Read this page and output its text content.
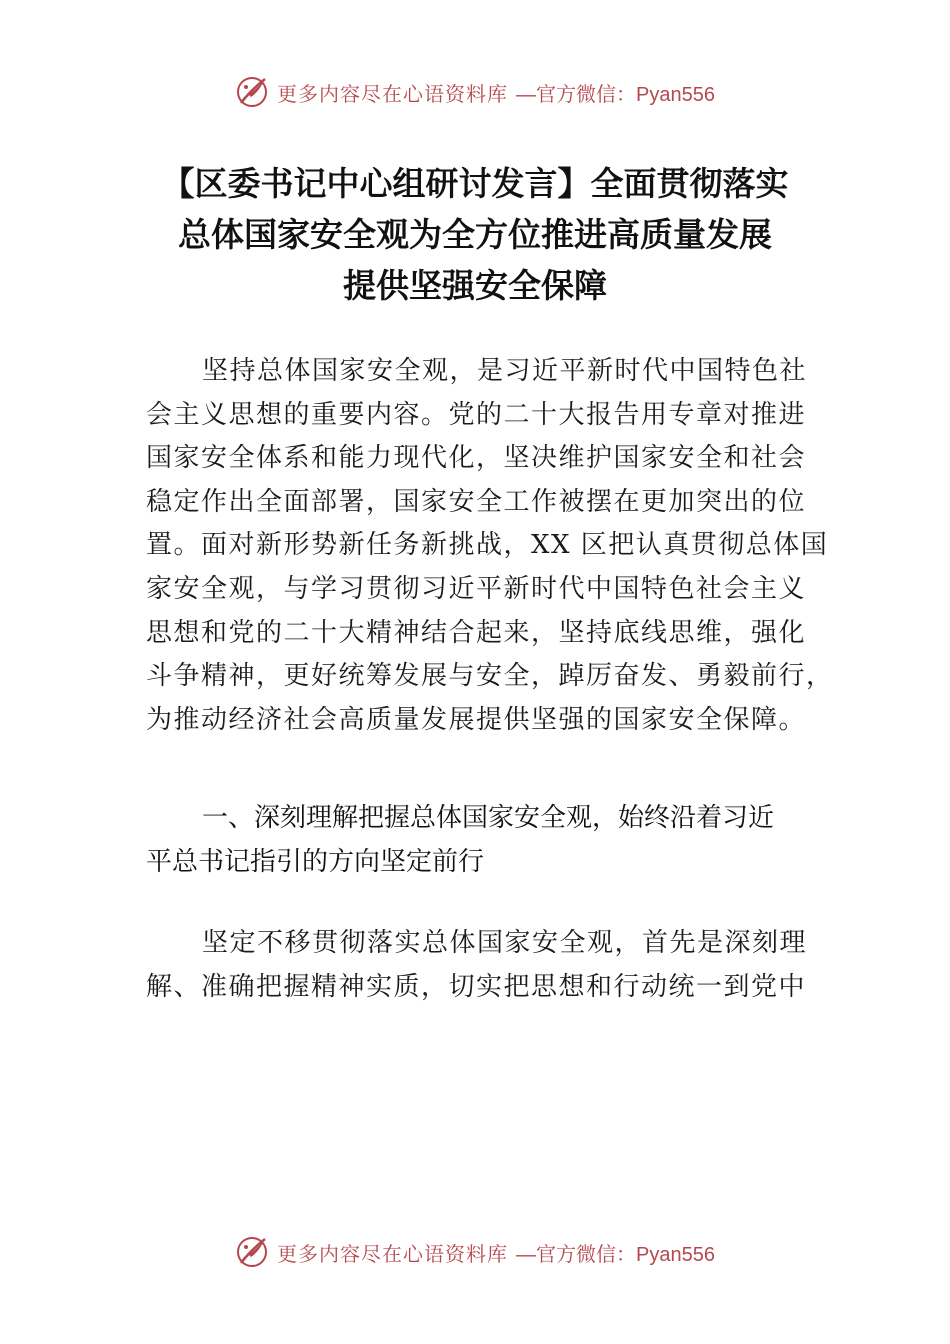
更多内容尽在心语资料库 —官方微信：Pyan556
【区委书记中心组研讨发言】全面贯彻落实
总体国家安全观为全方位推进高质量发展
提供坚强安全保障
坚持总体国家安全观，是习近平新时代中国特色社
会主义思想的重要内容。党的二十大报告用专章对推进
国家安全体系和能力现代化，坚决维护国家安全和社会
稳定作出全面部署，国家安全工作被摆在更加突出的位
置。面对新形势新任务新挑战，XX 区把认真贯彻总体国
家安全观，与学习贯彻习近平新时代中国特色社会主义
思想和党的二十大精神结合起来，坚持底线思维，强化
斗争精神，更好统筹发展与安全，踔厉奋发、勇毅前行，
为推动经济社会高质量发展提供坚强的国家安全保障。
一、深刻理解把握总体国家安全观，始终沿着习近
平总书记指引的方向坚定前行
坚定不移贯彻落实总体国家安全观，首先是深刻理
解、准确把握精神实质，切实把思想和行动统一到党中
更多内容尽在心语资料库 —官方微信：Pyan556
